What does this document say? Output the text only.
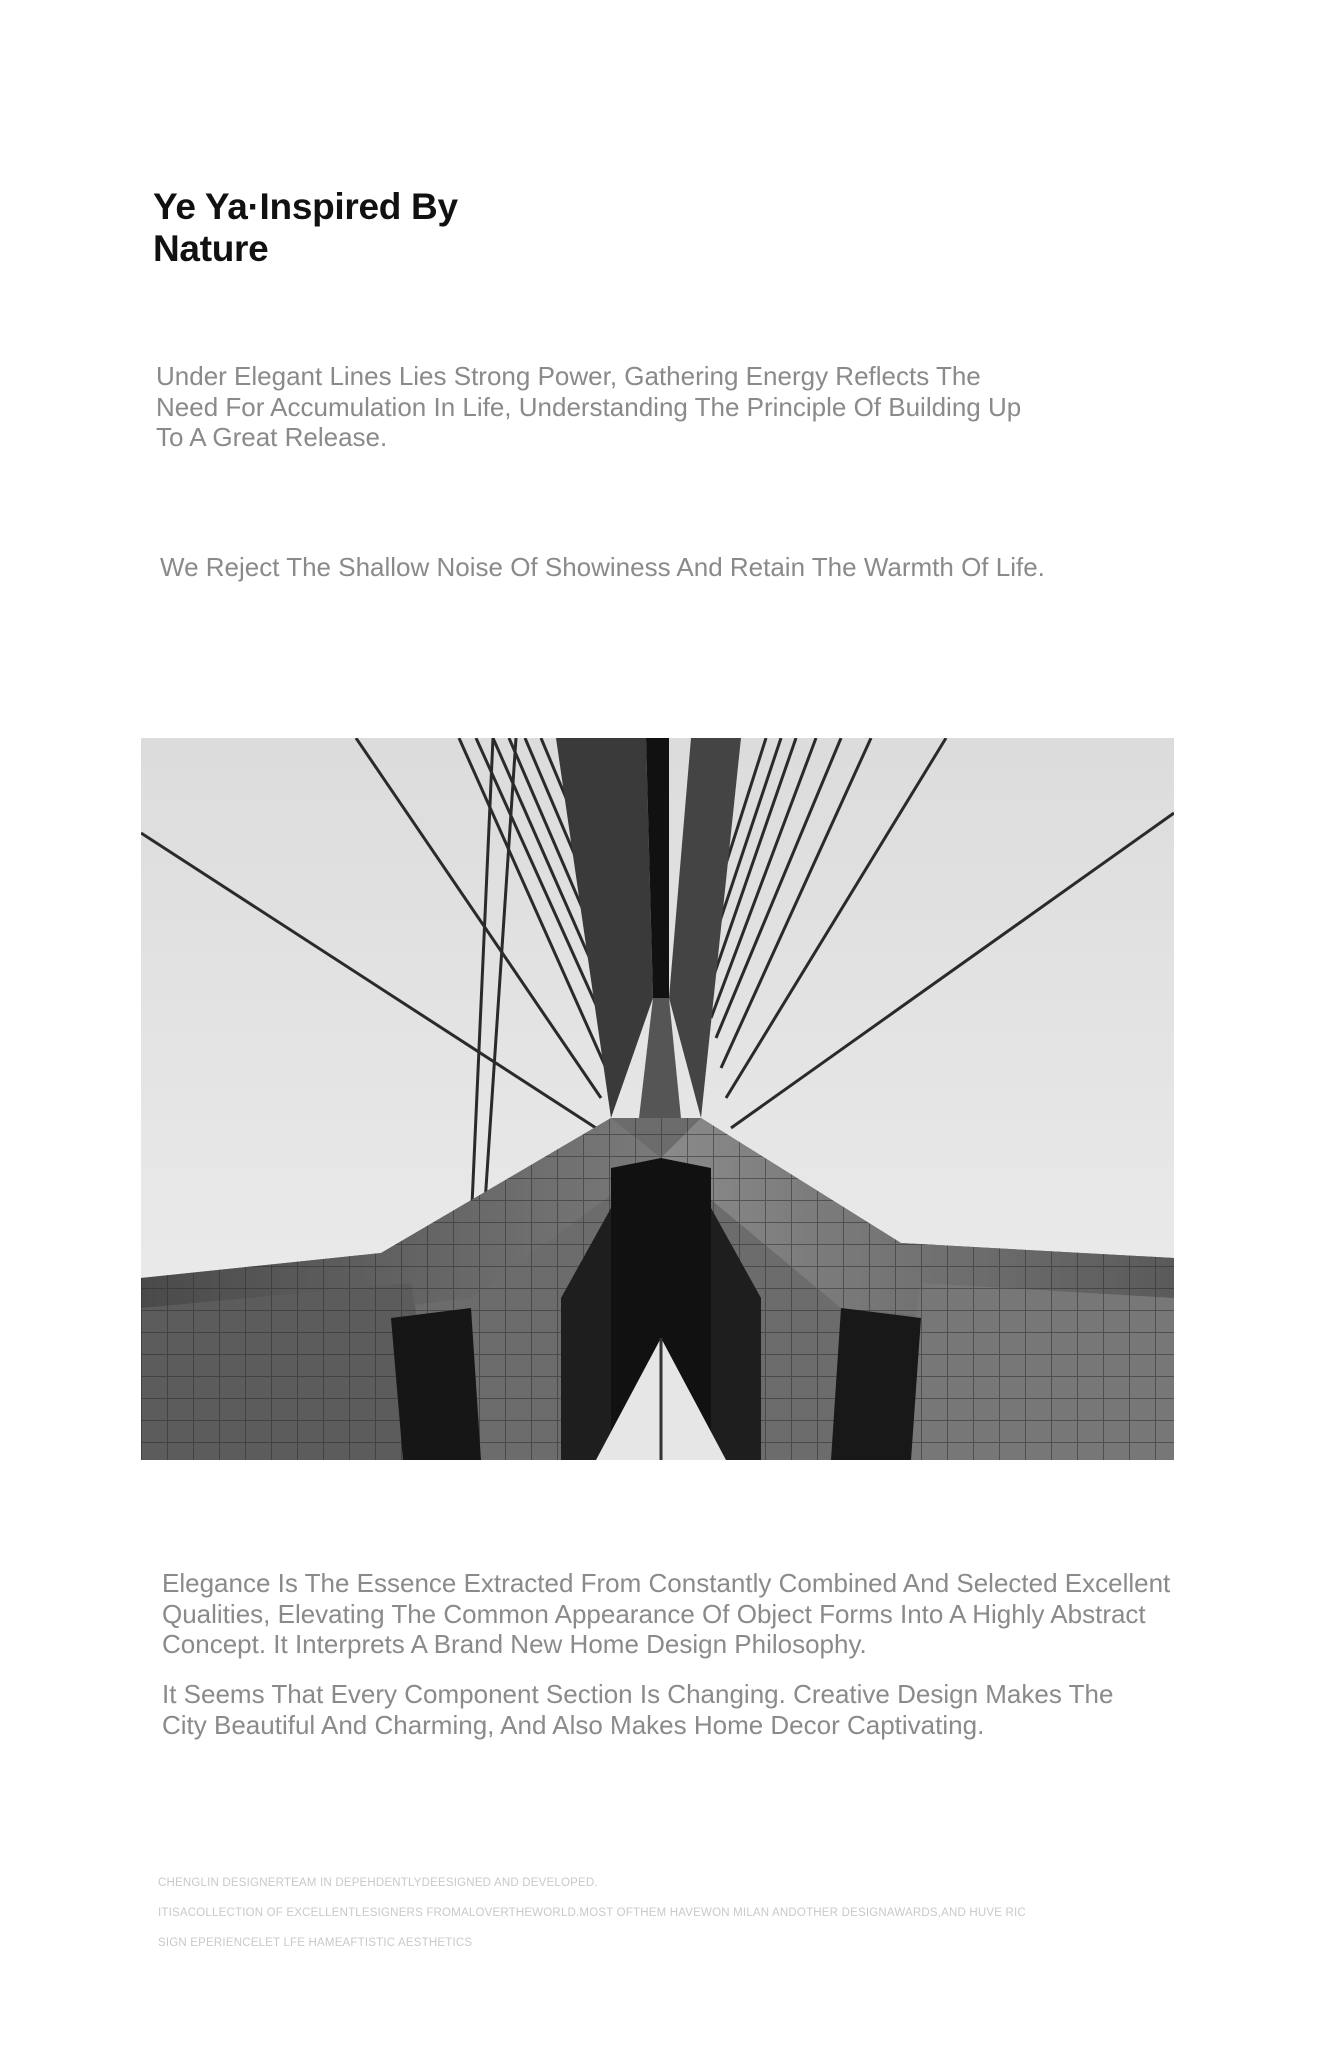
Ye Ya·Inspired By Nature

Under Elegant Lines Lies Strong Power, Gathering Energy Reflects The Need For Accumulation In Life, Understanding The Principle Of Building Up To A Great Release.

We Reject The Shallow Noise Of Showiness And Retain The Warmth Of Life.

Elegance Is The Essence Extracted From Constantly Combined And Selected Excellent Qualities, Elevating The Common Appearance Of Object Forms Into A Highly Abstract Concept. It Interprets A Brand New Home Design Philosophy.

It Seems That Every Component Section Is Changing. Creative Design Makes The City Beautiful And Charming, And Also Makes Home Decor Captivating.

CHENGLIN DESIGNERTEAM IN DEPEHDENTLYDEESIGNED AND DEVELOPED.

ITISACOLLECTION OF EXCELLENTLESIGNERS FROMALOVERTHEWORLD.MOST OFTHEM HAVEWON MILAN ANDOTHER DESIGNAWARDS,AND HUVE RIC

SIGN EPERIENCELET LFE HAMEAFTISTIC AESTHETICS
